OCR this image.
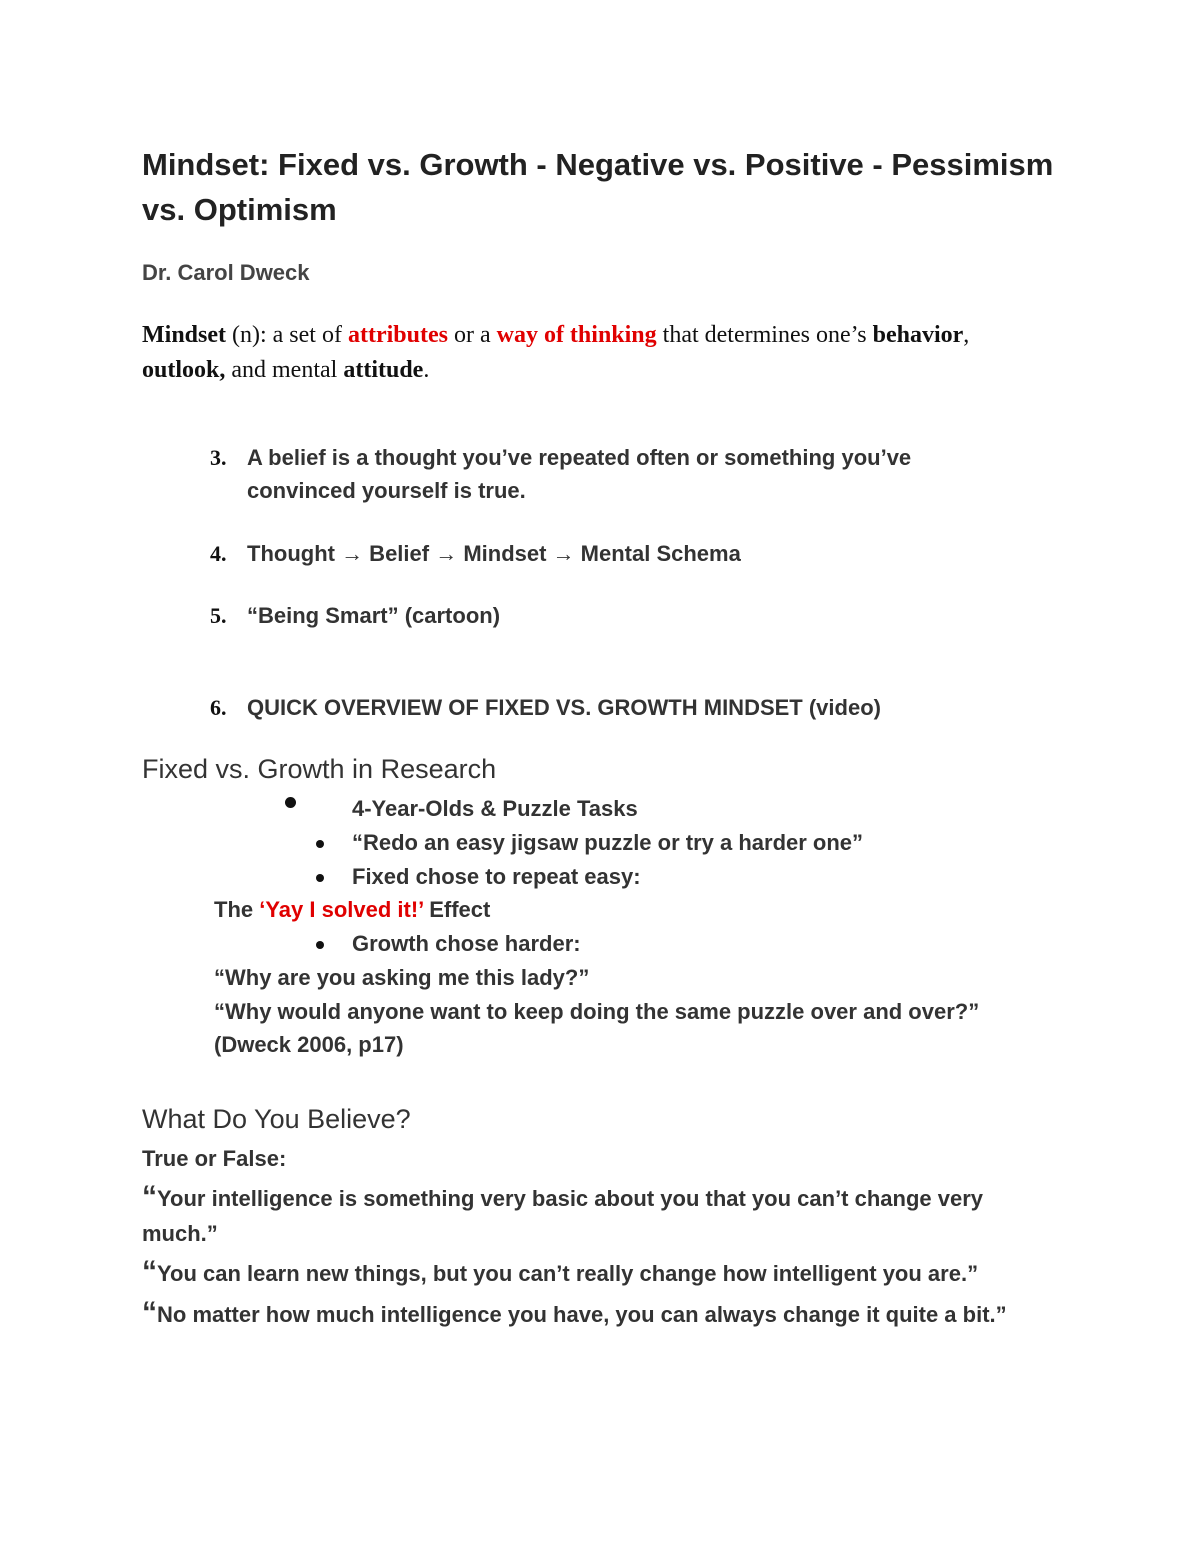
Mindset: Fixed vs. Growth - Negative vs. Positive - Pessimism vs. Optimism
Dr. Carol Dweck
Mindset (n): a set of attributes or a way of thinking that determines one’s behavior, outlook, and mental attitude.
3. A belief is a thought you’ve repeated often or something you’ve convinced yourself is true.
4. Thought → Belief → Mindset → Mental Schema
5. “Being Smart” (cartoon)
6. QUICK OVERVIEW OF FIXED VS. GROWTH MINDSET (video)
Fixed vs. Growth in Research
4-Year-Olds & Puzzle Tasks
“Redo an easy jigsaw puzzle or try a harder one”
Fixed chose to repeat easy:
The ‘Yay I solved it!’ Effect
Growth chose harder:
“Why are you asking me this lady?”
“Why would anyone want to keep doing the same puzzle over and over?”
(Dweck 2006, p17)
What Do You Believe?
True or False:
“Your intelligence is something very basic about you that you can’t change very much.”
“You can learn new things, but you can’t really change how intelligent you are.”
“No matter how much intelligence you have, you can always change it quite a bit.”
